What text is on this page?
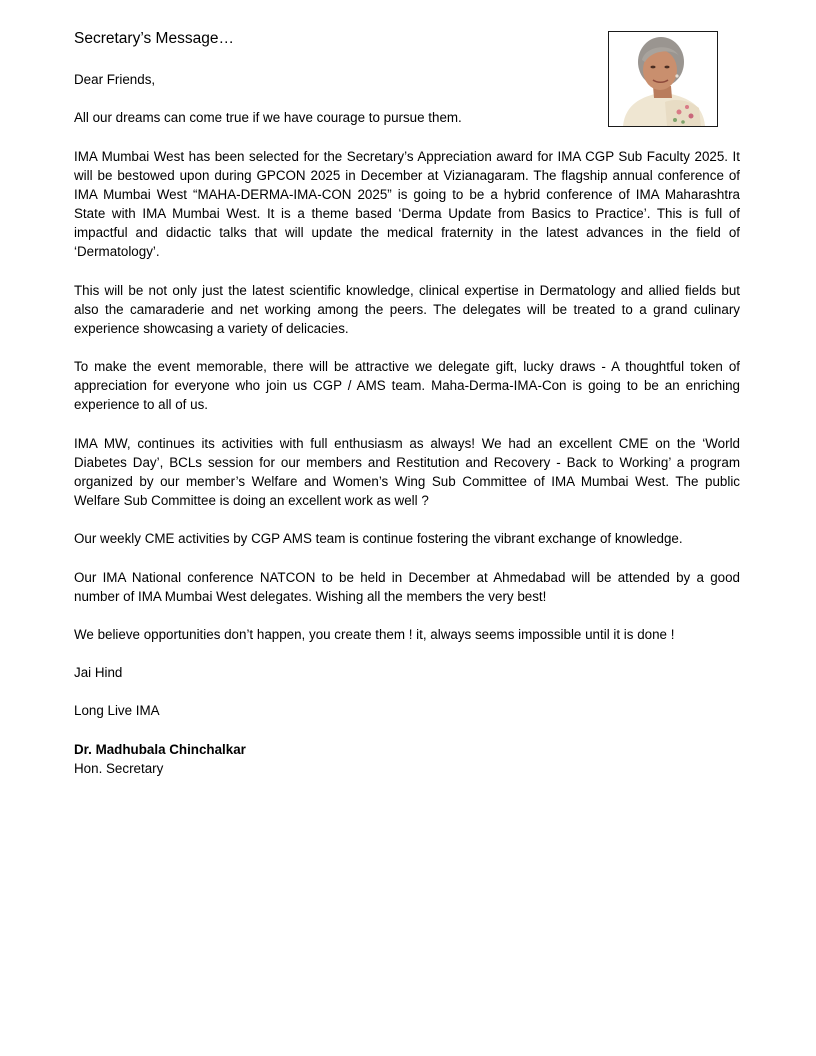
Secretary’s Message…
Dear Friends,
All our dreams can come true if we have courage to pursue them.
IMA Mumbai West has been selected for the Secretary’s Appreciation award for IMA CGP Sub Faculty 2025. It will be bestowed upon during GPCON 2025 in December at Vizianagaram. The flagship annual conference of IMA Mumbai West “MAHA-DERMA-IMA-CON 2025” is going to be a hybrid conference of IMA Maharashtra State with IMA Mumbai West. It is a theme based ‘Derma Update from Basics to Practice’. This is full of impactful and didactic talks that will update the medical fraternity in the latest advances in the field of ‘Dermatology’.
This will be not only just the latest scientific knowledge, clinical expertise in Dermatology and allied fields but also the camaraderie and net working among the peers. The delegates will be treated to a grand culinary experience showcasing a variety of delicacies.
To make the event memorable, there will be attractive we delegate gift, lucky draws - A thoughtful token of appreciation for everyone who join us CGP / AMS team. Maha-Derma-IMA-Con is going to be an enriching experience to all of us.
IMA MW, continues its activities with full enthusiasm as always! We had an excellent CME on the ‘World Diabetes Day’, BCLs session for our members and Restitution and Recovery - Back to Working’ a program organized by our member’s Welfare and Women’s Wing Sub Committee of IMA Mumbai West. The public Welfare Sub Committee is doing an excellent work as well ?
Our weekly CME activities by CGP AMS team is continue fostering the vibrant exchange of knowledge.
Our IMA National conference NATCON to be held in December at Ahmedabad will be attended by a good number of IMA Mumbai West delegates. Wishing all the members the very best!
We believe opportunities don’t happen, you create them ! it, always seems impossible until it is done !
Jai Hind
Long Live IMA
Dr. Madhubala Chinchalkar
Hon. Secretary
